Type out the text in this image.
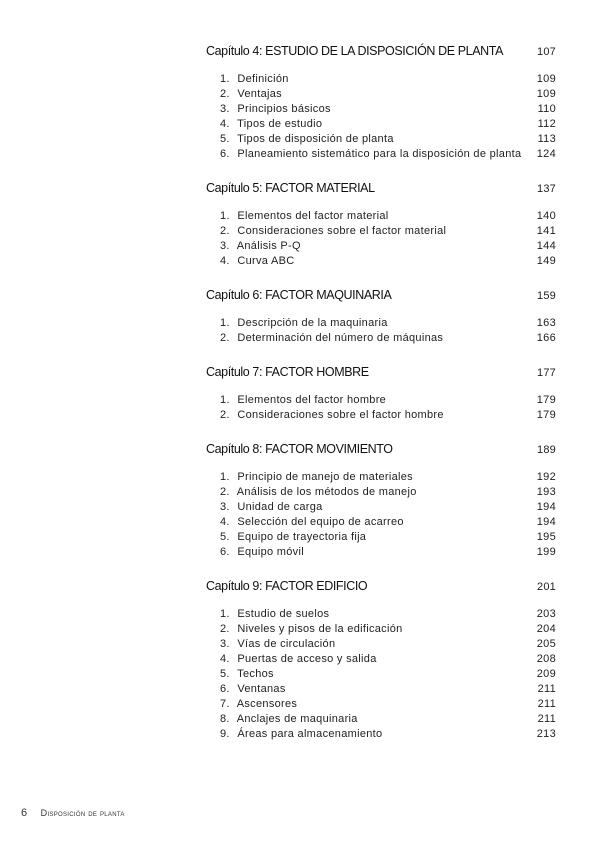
Capítulo 4: ESTUDIO DE LA DISPOSICIÓN DE PLANTA	107
1. Definición	109
2. Ventajas	109
3. Principios básicos	110
4. Tipos de estudio	112
5. Tipos de disposición de planta	113
6. Planeamiento sistemático para la disposición de planta 124
Capítulo 5: FACTOR MATERIAL	137
1. Elementos del factor material	140
2. Consideraciones sobre el factor material	141
3. Análisis P-Q	144
4. Curva ABC	149
Capítulo 6: FACTOR MAQUINARIA	159
1. Descripción de la maquinaria	163
2. Determinación del número de máquinas	166
Capítulo 7: FACTOR HOMBRE	177
1. Elementos del factor hombre	179
2. Consideraciones sobre el factor hombre	179
Capítulo 8: FACTOR MOVIMIENTO	189
1. Principio de manejo de materiales	192
2. Análisis de los métodos de manejo	193
3. Unidad de carga	194
4. Selección del equipo de acarreo	194
5. Equipo de trayectoria fija	195
6. Equipo móvil	199
Capítulo 9: FACTOR EDIFICIO	201
1. Estudio de suelos	203
2. Niveles y pisos de la edificación	204
3. Vías de circulación	205
4. Puertas de acceso y salida	208
5. Techos	209
6. Ventanas	211
7. Ascensores	211
8. Anclajes de maquinaria	211
9. Áreas para almacenamiento	213
6 Disposición de planta
